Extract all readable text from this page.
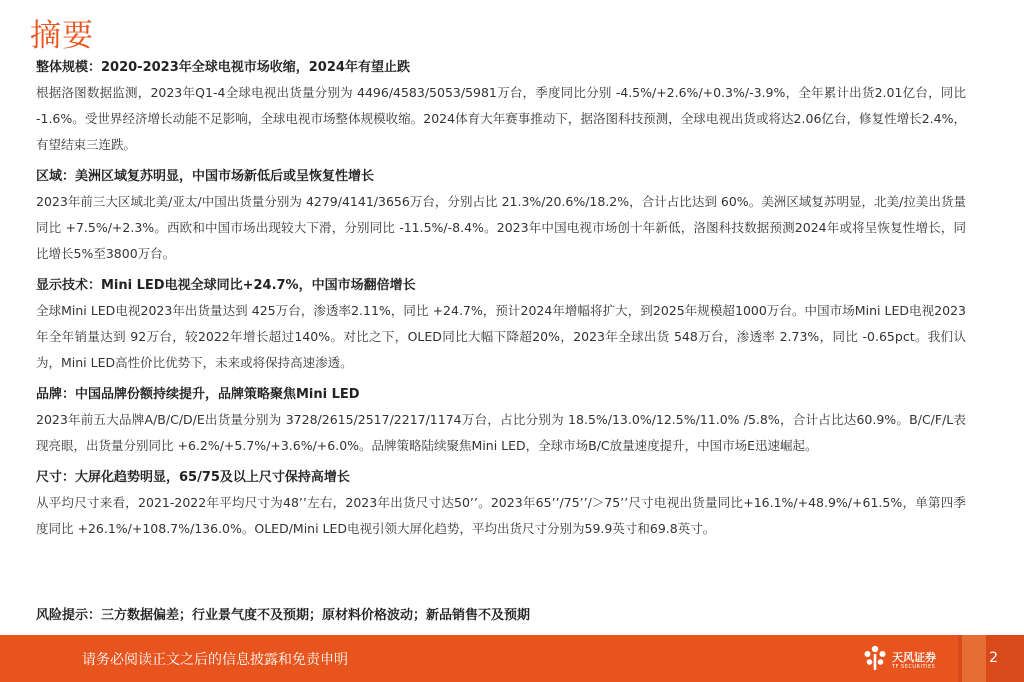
摘要
整体规模：2020-2023年全球电视市场收缩，2024年有望止跌
根据洛图数据监测，2023年Q1-4全球电视出货量分别为 4496/4583/5053/5981万台，季度同比分别 -4.5%/+2.6%/+0.3%/-3.9%，全年累计出货2.01亿台，同比 -1.6%。受世界经济增长动能不足影响，全球电视市场整体规模收缩。2024体育大年赛事推动下，据洛图科技预测，全球电视出货或将达2.06亿台，修复性增长2.4%，有望结束三连跌。
区域：美洲区域复苏明显，中国市场新低后或呈恢复性增长
2023年前三大区域北美/亚太/中国出货量分别为 4279/4141/3656万台，分别占比 21.3%/20.6%/18.2%，合计占比达到 60%。美洲区域复苏明显，北美/拉美出货量同比 +7.5%/+2.3%。西欧和中国市场出现较大下滑，分别同比 -11.5%/-8.4%。2023年中国电视市场创十年新低，洛图科技数据预测2024年或将呈恢复性增长，同比增长5%至3800万台。
显示技术：Mini LED电视全球同比+24.7%，中国市场翻倍增长
全球Mini LED电视2023年出货量达到 425万台，渗透率2.11%，同比 +24.7%，预计2024年增幅将扩大，到2025年规模超1000万台。中国市场Mini LED电视2023年全年销量达到 92万台，较2022年增长超过140%。对比之下，OLED同比大幅下降超20%，2023年全球出货 548万台，渗透率 2.73%，同比 -0.65pct。我们认为，Mini LED高性价比优势下，未来或将保持高速渗透。
品牌：中国品牌份额持续提升，品牌策略聚焦Mini LED
2023年前五大品牌A/B/C/D/E出货量分别为 3728/2615/2517/2217/1174万台，占比分别为 18.5%/13.0%/12.5%/11.0% /5.8%，合计占比达60.9%。B/C/F/L表现亮眼，出货量分别同比 +6.2%/+5.7%/+3.6%/+6.0%。品牌策略陆续聚焦Mini LED，全球市场B/C放量速度提升，中国市场E迅速崛起。
尺寸：大屏化趋势明显，65/75及以上尺寸保持高增长
从平均尺寸来看，2021-2022年平均尺寸为48’’左右，2023年出货尺寸达50’’。2023年65’’/75’’/＞75’’尺寸电视出货量同比+16.1%/+48.9%/+61.5%，单第四季度同比 +26.1%/+108.7%/136.0%。OLED/Mini LED电视引领大屏化趋势，平均出货尺寸分别为59.9英寸和69.8英寸。
风险提示：三方数据偏差；行业景气度不及预期；原材料价格波动；新品销售不及预期
请务必阅读正文之后的信息披露和免责申明	天风证券
TF SECURITIES
2
